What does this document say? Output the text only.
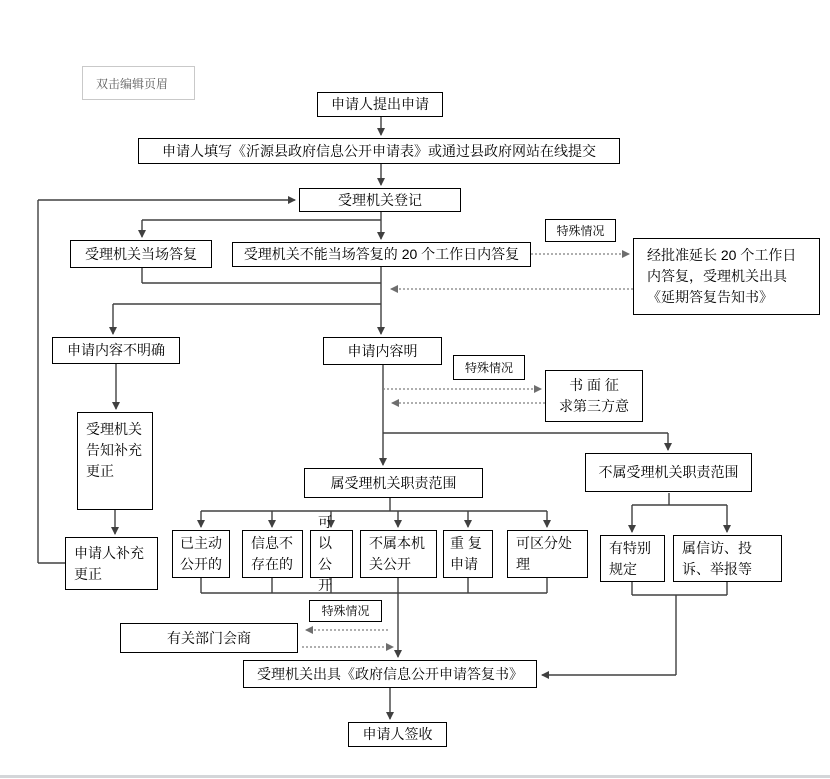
双击编辑页眉
申请人提出申请
申请人填写《沂源县政府信息公开申请表》或通过县政府网站在线提交
受理机关登记
受理机关当场答复	受理机关不能当场答复的 20 个工作日内答复
特殊情况
经批准延长 20 个工作日内答复，受理机关出具《延期答复告知书》
申请内容不明确	申请内容明
特殊情况
书 面 征
求第三方意
受理机关告知补充更正
申请人补充更正
属受理机关职责范围
不属受理机关职责范围
已主动公开的
信息不存在的
可以公开
不属本机关公开
重 复申请
可区分处理
有特别规定
属信访、投诉、举报等
特殊情况
有关部门会商
受理机关出具《政府信息公开申请答复书》
申请人签收
